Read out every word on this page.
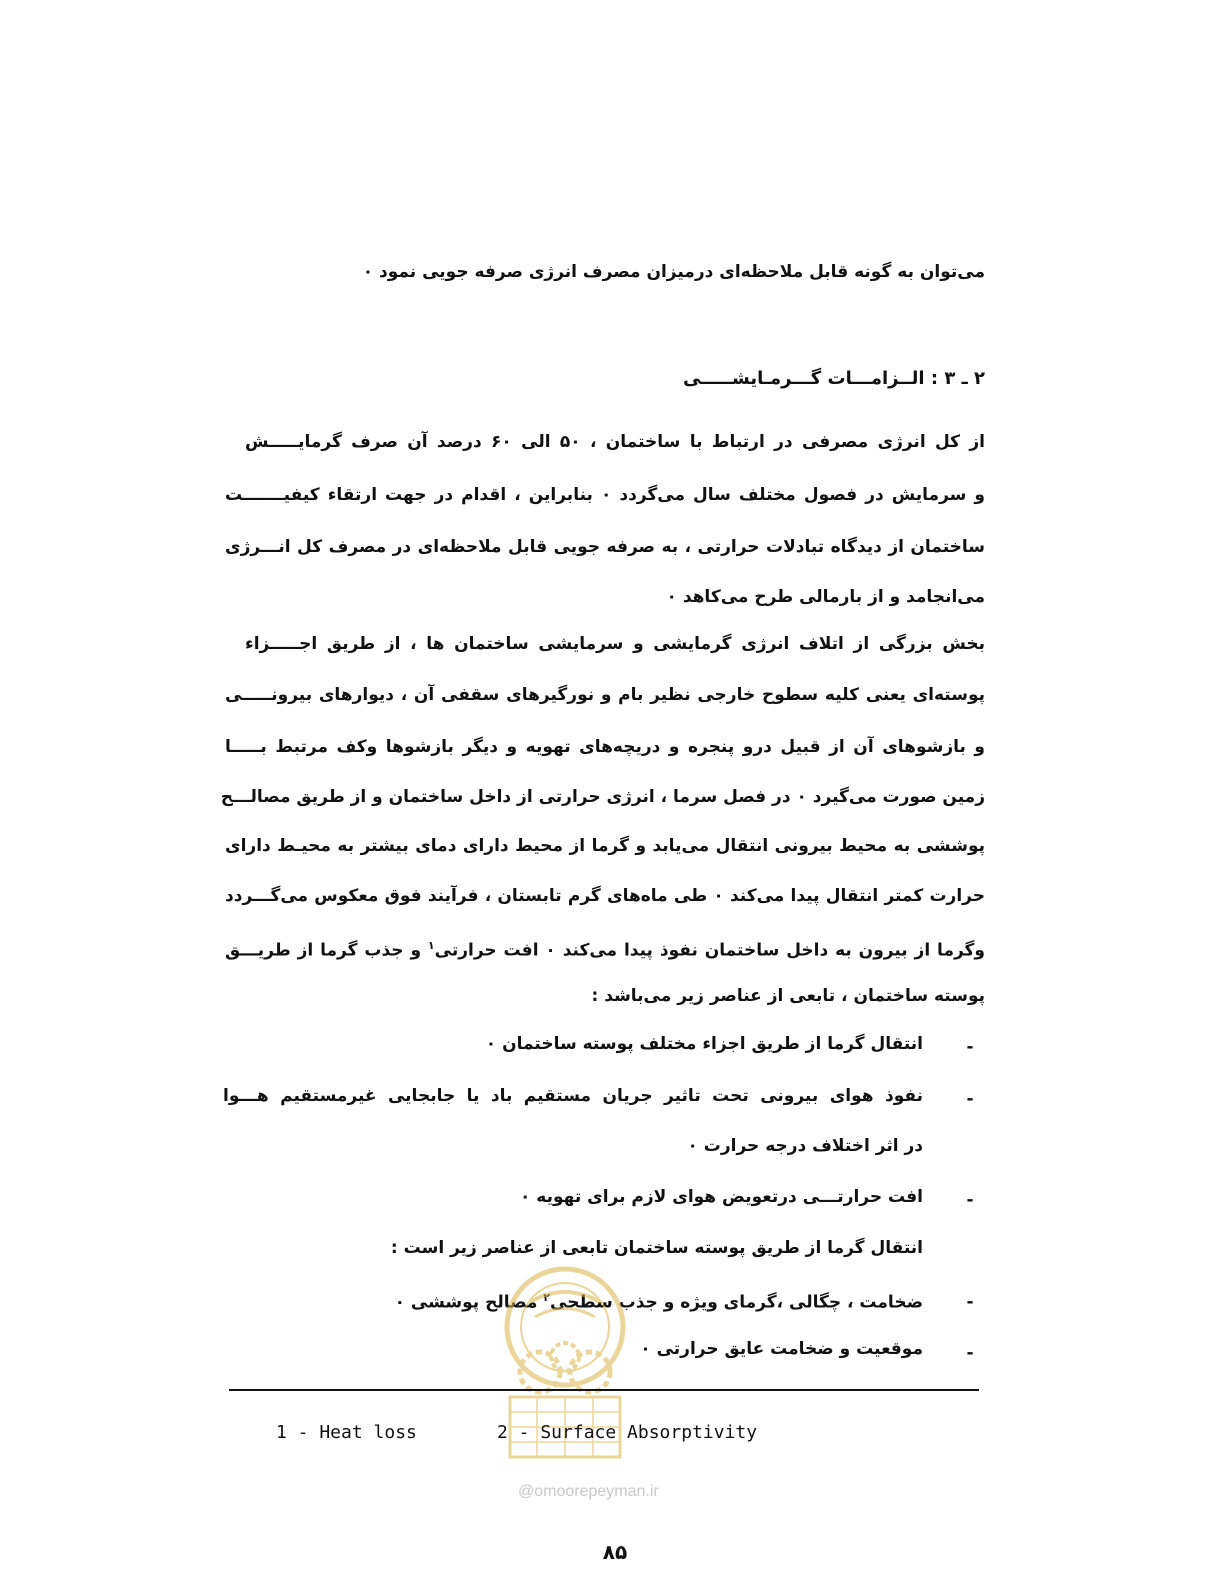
می‌توان به گونه قابل ملاحظه‌ای درمیزان مصرف انرژی صرفه جویی نمود ۰
۲ ـ ۳ : الــزامـــات گـــرمـایشـــــی
از کل انرژی مصرفی در ارتباط با ساختمان ، ۵۰ الی ۶۰ درصد آن صرف گرمایـــــش
و سرمایش در فصول مختلف سال می‌گردد ۰ بنابراین ، اقدام در جهت ارتقاء کیفیـــــــت
ساختمان از دیدگاه تبادلات حرارتی ، به صرفه جویی قابل ملاحظه‌ای در مصرف کل انـــرژی
می‌انجامد و از بارمالی طرح می‌کاهد ۰
بخش بزرگی از اتلاف انرژی گرمایشی و سرمایشی ساختمان ها ، از طریق اجـــــزاء
پوسته‌ای یعنی کلیه سطوح خارجی نظیر بام و نورگیرهای سقفی آن ، دیوارهای بیرونـــــی
و بازشوهای آن از قبیل درو پنجره و دریچه‌های تهویه و دیگر بازشوها وکف مرتبط بـــــا
زمین صورت می‌گیرد ۰ در فصل سرما ، انرژی حرارتی از داخل ساختمان و از طریق مصالـــح
پوششی به محیط بیرونی انتقال می‌یابد و گرما از محیط دارای دمای بیشتر به محیـط دارای
حرارت کمتر انتقال پیدا می‌کند ۰ طی ماه‌های گرم تابستان ، فرآیند فوق معکوس می‌گـــردد
وگرما از بیرون به داخل ساختمان نفوذ پیدا می‌کند ۰ افت حرارتی$^۱$ و جذب گرما از طریـــق
پوسته ساختمان ، تابعی از عناصر زیر می‌باشد :
-
انتقال گرما از طریق اجزاء مختلف پوسته ساختمان ۰
-
نفوذ هوای بیرونی تحت تاثیر جریان مستقیم باد یا جابجایی غیرمستقیم هـــوا
در اثر اختلاف درجه حرارت ۰
-
افت حرارتـــی درتعویض هوای لازم برای تهویه ۰
انتقال گرما از طریق پوسته ساختمان تابعی از عناصر زیر است :
-
ضخامت ، چگالی ،گرمای ویژه و جذب سطحی$^۲$ مصالح پوششی ۰
-
موقعیت و ضخامت عایق حرارتی ۰
1 - Heat loss	2 - Surface Absorptivity
@omoorepeyman.ir
۸۵
